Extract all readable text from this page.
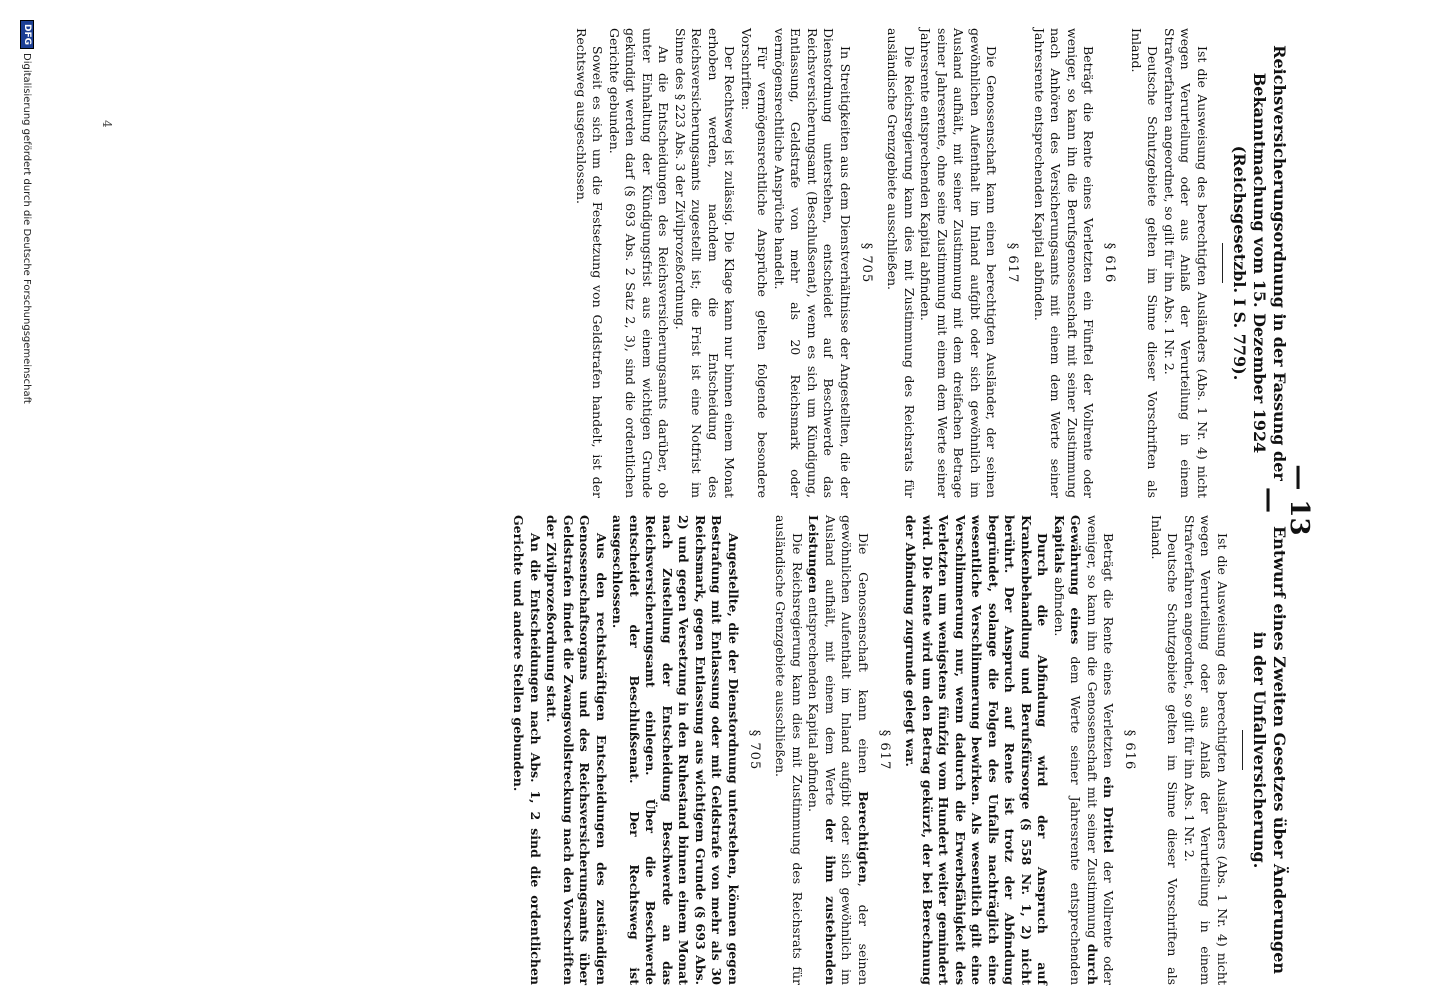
— 13 —
Reichsversicherungsordnung in der Fassung der Bekanntmachung vom 15. Dezember 1924 (Reichsgesetzbl. I S. 779).

Ist die Ausweisung des berechtigten Ausländers (Abs. 1 Nr. 4) nicht wegen Verurteilung oder aus Anlaß der Verurteilung in einem Strafverfahren angeordnet, so gilt für ihn Abs. 1 Nr. 2.

Deutsche Schutzgebiete gelten im Sinne dieser Vorschriften als Inland.

§ 616

Beträgt die Rente eines Verletzten ein Fünftel der Vollrente oder weniger, so kann ihn die Berufsgenossenschaft mit seiner Zustimmung nach Anhören des Versicherungsamts mit einem dem Werte seiner Jahresrente entsprechenden Kapital abfinden.

§ 617

Die Genossenschaft kann einen berechtigten Ausländer, der seinen gewöhnlichen Aufenthalt im Inland aufgibt oder sich gewöhnlich im Ausland aufhält, mit seiner Zustimmung mit dem dreifachen Betrage seiner Jahresrente, ohne seine Zustimmung mit einem dem Werte seiner Jahresrente entsprechenden Kapital abfinden.

Die Reichsregierung kann dies mit Zustimmung des Reichsrats für ausländische Grenzgebiete ausschließen.

§ 705

In Streitigkeiten aus dem Dienstverhältnisse der Angestellten, die der Dienstordnung unterstehen, entscheidet auf Beschwerde das Reichsversicherungsamt (Beschlußsenat), wenn es sich um Kündigung, Entlassung, Geldstrafe von mehr als 20 Reichsmark oder vermögensrechtliche Ansprüche handelt.

Für vermögensrechtliche Ansprüche gelten folgende besondere Vorschriften:

Der Rechtsweg ist zulässig. Die Klage kann nur binnen einem Monat erhoben werden, nachdem die Entscheidung des Reichsversicherungsamts zugestellt ist; die Frist ist eine Notfrist im Sinne des § 223 Abs. 3 der Zivilprozeßordnung.

An die Entscheidungen des Reichsversicherungsamts darüber, ob unter Einhaltung der Kündigungsfrist aus einem wichtigen Grunde gekündigt werden darf (§ 693 Abs. 2 Satz 2, 3), sind die ordentlichen Gerichte gebunden.

Soweit es sich um die Festsetzung von Geldstrafen handelt, ist der Rechtsweg ausgeschlossen.

Entwurf eines Zweiten Gesetzes über Änderungen in der Unfallversicherung.

Ist die Ausweisung des berechtigten Ausländers (Abs. 1 Nr. 4) nicht wegen Verurteilung oder aus Anlaß der Verurteilung in einem Strafverfahren angeordnet, so gilt für ihn Abs. 1 Nr. 2.

Deutsche Schutzgebiete gelten im Sinne dieser Vorschriften als Inland.

§ 616

Beträgt die Rente eines Verletzten ein Drittel der Vollrente oder weniger, so kann ihn die Genossenschaft mit seiner Zustimmung durch Gewährung eines dem Werte seiner Jahresrente entsprechenden Kapitals abfinden.

Durch die Abfindung wird der Anspruch auf Krankenbehandlung und Berufsfürsorge (§ 558 Nr. 1, 2) nicht berührt. Der Anspruch auf Rente ist trotz der Abfindung begründet, solange die Folgen des Unfalls nachträglich eine wesentliche Verschlimmerung bewirken. Als wesentlich gilt eine Verschlimmerung nur, wenn dadurch die Erwerbsfähigkeit des Verletzten um wenigstens fünfzig vom Hundert weiter gemindert wird. Die Rente wird um den Betrag gekürzt, der bei Berechnung der Abfindung zugrunde gelegt war.

§ 617

Die Genossenschaft kann einen Berechtigten, der seinen gewöhnlichen Aufenthalt im Inland aufgibt oder sich gewöhnlich im Ausland aufhält, mit einem dem Werte der ihm zustehenden Leistungen entsprechenden Kapital abfinden.

Die Reichsregierung kann dies mit Zustimmung des Reichsrats für ausländische Grenzgebiete ausschließen.

§ 705

Angestellte, die der Dienstordnung unterstehen, können gegen Bestrafung mit Entlassung oder mit Geldstrafe von mehr als 30 Reichsmark, gegen Entlassung aus wichtigem Grunde (§ 693 Abs. 2) und gegen Versetzung in den Ruhestand binnen einem Monat nach Zustellung der Entscheidung Beschwerde an das Reichsversicherungsamt einlegen. Über die Beschwerde entscheidet der Beschlußsenat. Der Rechtsweg ist ausgeschlossen.

Aus den rechtskräftigen Entscheidungen des zuständigen Genossenschaftsorgans und des Reichsversicherungsamts über Geldstrafen findet die Zwangsvollstreckung nach den Vorschriften der Zivilprozeßordnung statt.

An die Entscheidungen nach Abs. 1, 2 sind die ordentlichen Gerichte und andere Stellen gebunden.

4
DFGDigitalisierung gefördert durch die Deutsche Forschungsgemeinschaft
